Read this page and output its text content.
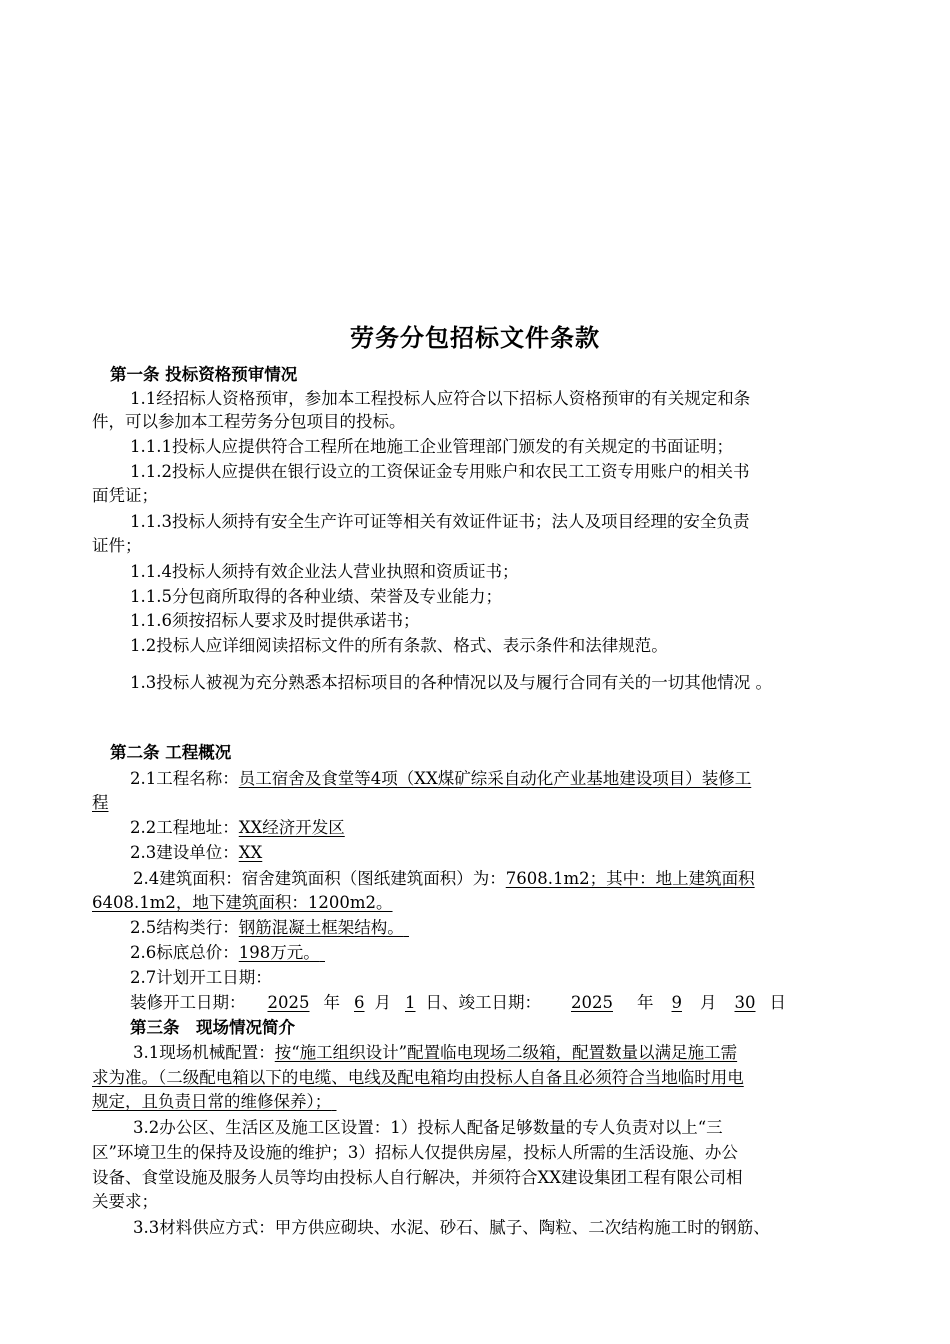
劳务分包招标文件条款
第一条 投标资格预审情况
1.1经招标人资格预审，参加本工程投标人应符合以下招标人资格预审的有关规定和条
件，可以参加本工程劳务分包项目的投标。
1.1.1投标人应提供符合工程所在地施工企业管理部门颁发的有关规定的书面证明；
1.1.2投标人应提供在银行设立的工资保证金专用账户和农民工工资专用账户的相关书
面凭证；
1.1.3投标人须持有安全生产许可证等相关有效证件证书；法人及项目经理的安全负责
证件；
1.1.4投标人须持有效企业法人营业执照和资质证书；
1.1.5分包商所取得的各种业绩、荣誉及专业能力；
1.1.6须按招标人要求及时提供承诺书；
1.2投标人应详细阅读招标文件的所有条款、格式、表示条件和法律规范。
1.3投标人被视为充分熟悉本招标项目的各种情况以及与履行合同有关的一切其他情况 。
第二条 工程概况
2.1工程名称：员工宿舍及食堂等4项（XX煤矿综采自动化产业基地建设项目）装修工
程
2.2工程地址：XX经济开发区
2.3建设单位：XX
2.4建筑面积：宿舍建筑面积（图纸建筑面积）为：7608.1m2；其中：地上建筑面积
6408.1m2，地下建筑面积：1200m2。
2.5结构类行：钢筋混凝土框架结构。
2.6标底总价：198万元。
2.7计划开工日期：
装修开工日期： 2025 年 6 月 1 日、竣工日期： 2025 年 9 月 30 日
第三条　现场情况简介
3.1现场机械配置：按“施工组织设计”配置临电现场二级箱，配置数量以满足施工需
求为准。（二级配电箱以下的电缆、电线及配电箱均由投标人自备且必须符合当地临时用电
规定，且负责日常的维修保养）；
3.2办公区、生活区及施工区设置：1）投标人配备足够数量的专人负责对以上“三
区”环境卫生的保持及设施的维护；3）招标人仅提供房屋，投标人所需的生活设施、办公
设备、食堂设施及服务人员等均由投标人自行解决，并须符合XX建设集团工程有限公司相
关要求；
3.3材料供应方式：甲方供应砌块、水泥、砂石、腻子、陶粒、二次结构施工时的钢筋、
